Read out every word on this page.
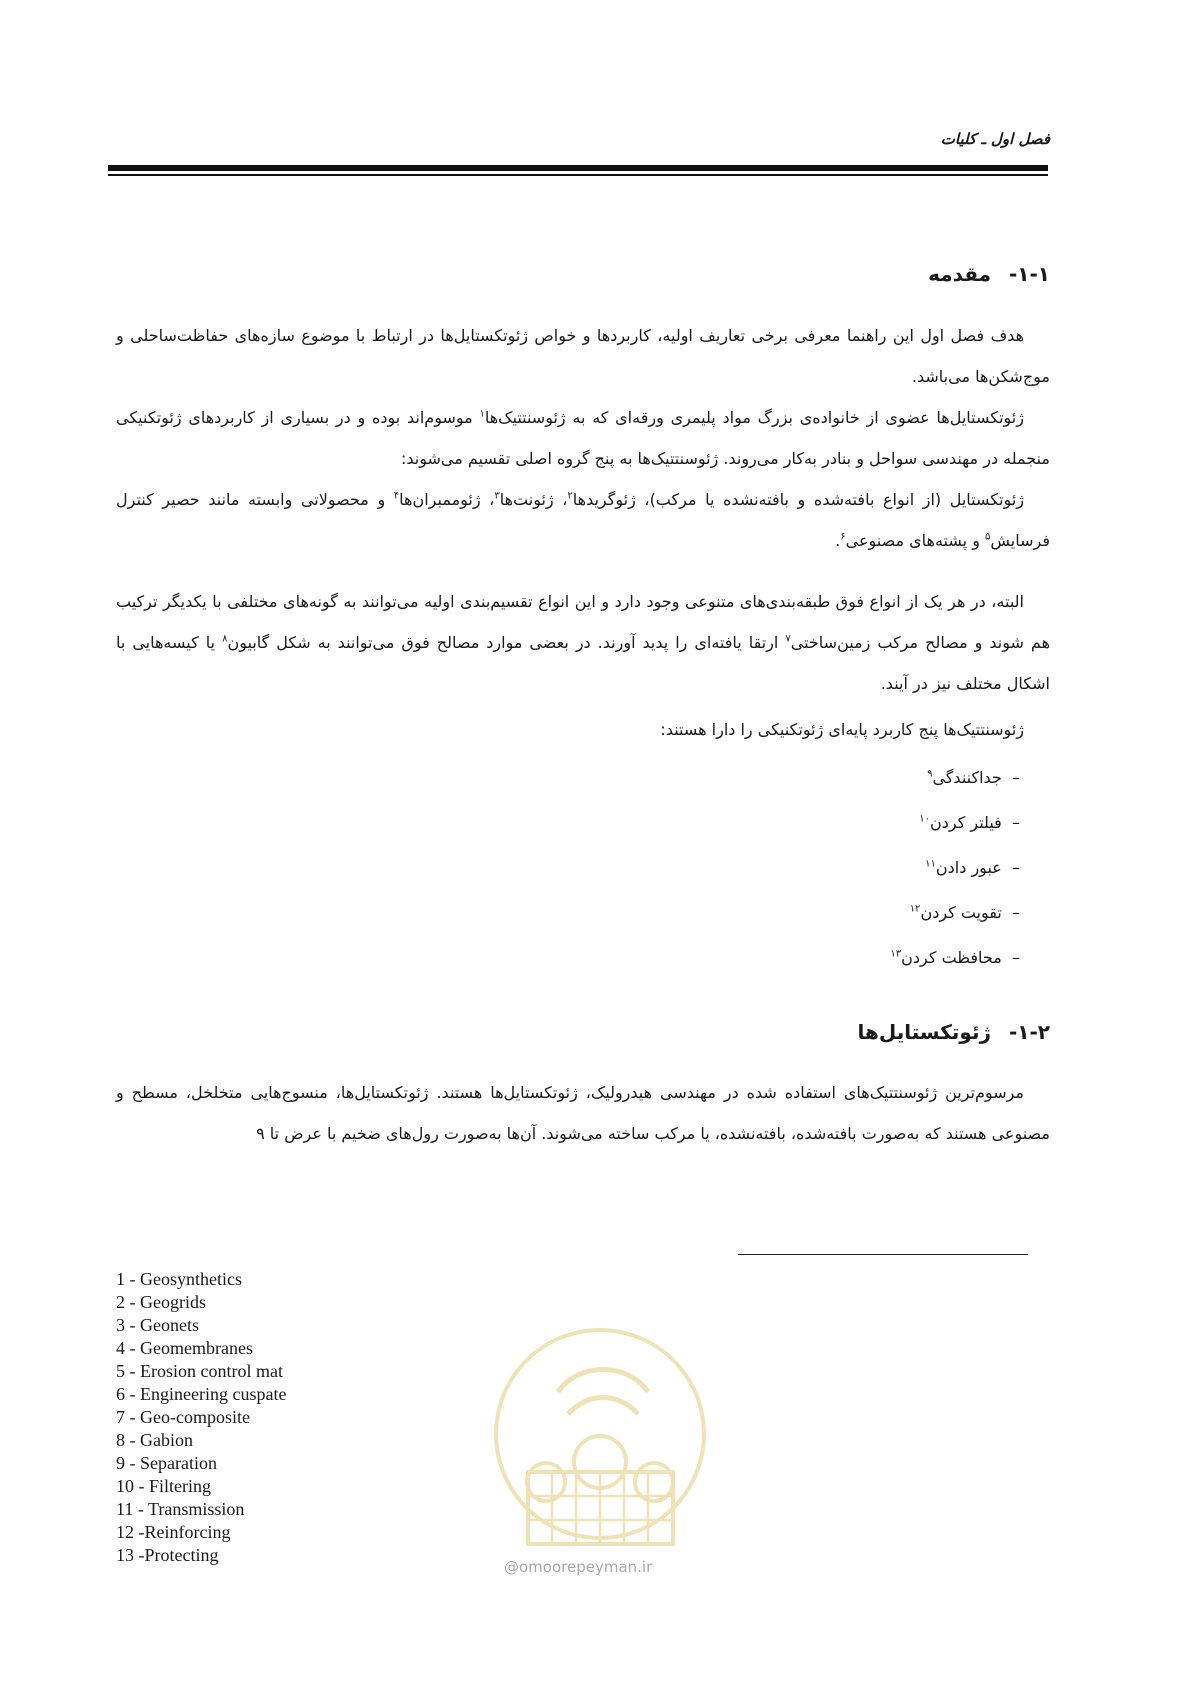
فصل اول ـ کلیات
۱-۱-مقدمه

هدف فصل اول این راهنما معرفی برخی تعاریف اولیه، کاربردها و خواص ژئوتکستایل‌ها در ارتباط با موضوع سازه‌های حفاظت‌ساحلی و موج‌شکن‌ها می‌باشد.

ژئوتکستایل‌ها عضوی از خانواده‌ی بزرگ مواد پلیمری ورقه‌ای که به ژئوسنتتیک‌ها$^۱$ موسوم‌اند بوده و در بسیاری از کاربردهای ژئوتکنیکی منجمله در مهندسی سواحل و بنادر به‌کار می‌روند. ژئوسنتتیک‌ها به پنج گروه اصلی تقسیم می‌شوند:

ژئوتکستایل (از انواع بافته‌شده و بافته‌نشده یا مرکب)، ژئوگریدها$^۲$، ژئونت‌ها$^۳$، ژئوممبران‌ها$^۴$ و محصولاتی وابسته مانند حصیر کنترل فرسایش$^۵$ و پشته‌های مصنوعی$^۶$.

البته، در هر یک از انواع فوق طبقه‌بندی‌های متنوعی وجود دارد و این انواع تقسیم‌بندی اولیه می‌توانند به گونه‌های مختلفی با یکدیگر ترکیب هم شوند و مصالح مرکب زمین‌ساختی$^۷$ ارتقا یافته‌ای را پدید آورند. در بعضی موارد مصالح فوق می‌توانند به شکل گابیون$^۸$ یا کیسه‌هایی با اشکال مختلف نیز در آیند.

ژئوسنتتیک‌ها پنج کاربرد پایه‌ای ژئوتکنیکی را دارا هستند:

–  جداکنندگی$^۹$
–  فیلتر کردن$^{۱۰}$
–  عبور دادن$^{۱۱}$
–  تقویت کردن$^{۱۲}$
–  محافظت کردن$^{۱۳}$
۱-۲-ژئوتکستایل‌ها

مرسوم‌ترین ژئوسنتتیک‌های استفاده شده در مهندسی هیدرولیک، ژئوتکستایل‌ها هستند. ژئوتکستایل‌ها، منسوج‌هایی متخلخل، مسطح و مصنوعی هستند که به‌صورت بافته‌شده، بافته‌نشده، یا مرکب ساخته می‌شوند. آن‌ها به‌صورت رول‌های ضخیم با عرض تا ۹

1 - Geosynthetics
2 - Geogrids
3 - Geonets
4 - Geomembranes
5 - Erosion control mat
6 - Engineering cuspate
7 - Geo-composite
8 - Gabion
9 - Separation
10 - Filtering
11 - Transmission
12 -Reinforcing
13 -Protecting
@omoorepeyman.ir
